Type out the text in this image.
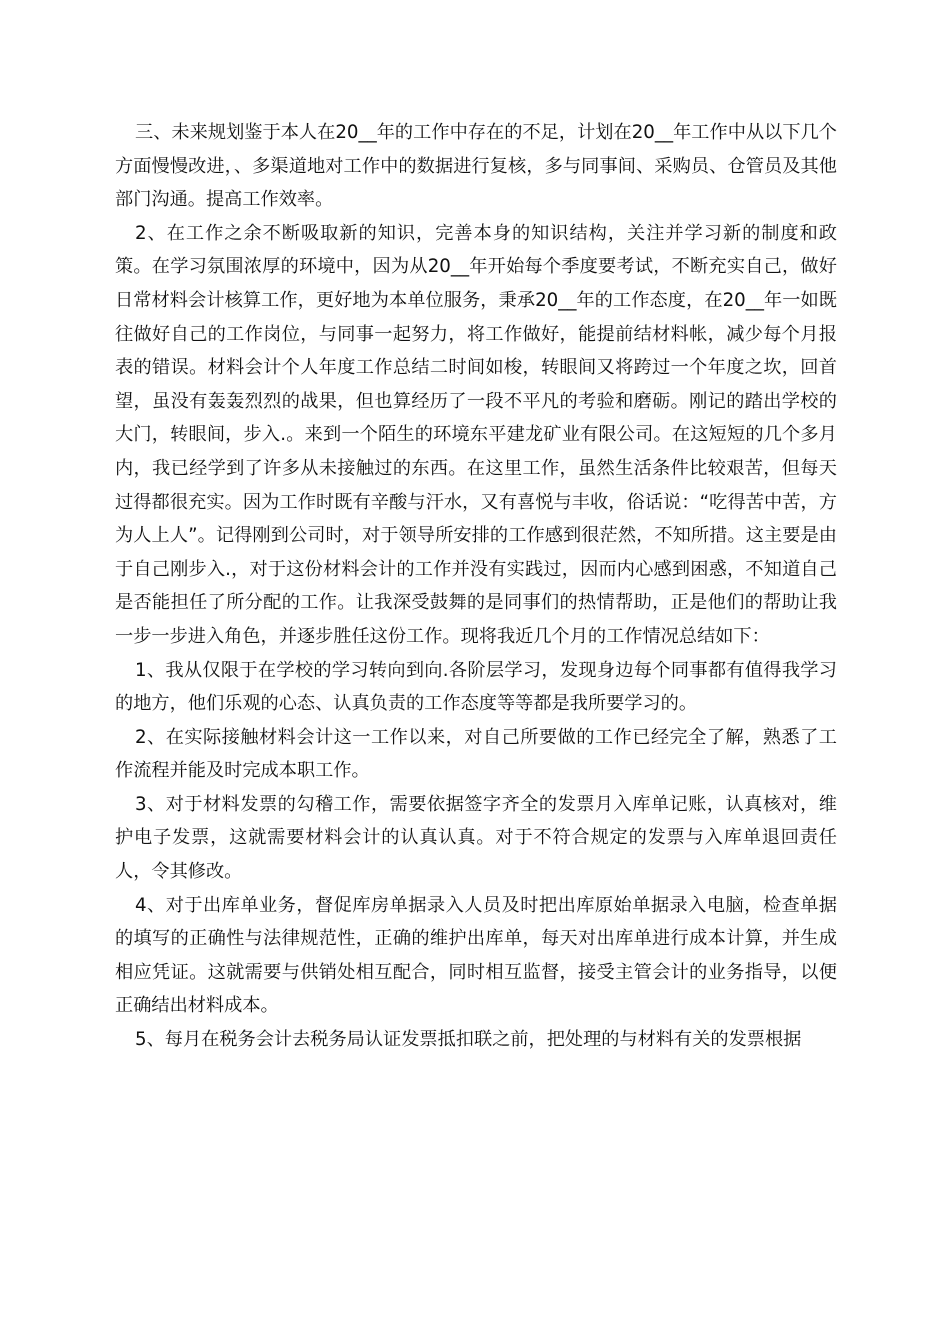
三、未来规划鉴于本人在20__年的工作中存在的不足，计划在20__年工作中从以下几个方面慢慢改进，、多渠道地对工作中的数据进行复核，多与同事间、采购员、仓管员及其他部门沟通。提高工作效率。

2、在工作之余不断吸取新的知识，完善本身的知识结构，关注并学习新的制度和政策。在学习氛围浓厚的环境中，因为从20__年开始每个季度要考试，不断充实自己，做好日常材料会计核算工作，更好地为本单位服务，秉承20__年的工作态度，在20__年一如既往做好自己的工作岗位，与同事一起努力，将工作做好，能提前结材料帐，减少每个月报表的错误。材料会计个人年度工作总结二时间如梭，转眼间又将跨过一个年度之坎，回首望，虽没有轰轰烈烈的战果，但也算经历了一段不平凡的考验和磨砺。刚记的踏出学校的大门，转眼间，步入.。来到一个陌生的环境东平建龙矿业有限公司。在这短短的几个多月内，我已经学到了许多从未接触过的东西。在这里工作，虽然生活条件比较艰苦，但每天过得都很充实。因为工作时既有辛酸与汗水，又有喜悦与丰收，俗话说：“吃得苦中苦，方为人上人”。记得刚到公司时，对于领导所安排的工作感到很茫然，不知所措。这主要是由于自己刚步入.，对于这份材料会计的工作并没有实践过，因而内心感到困惑，不知道自己是否能担任了所分配的工作。让我深受鼓舞的是同事们的热情帮助，正是他们的帮助让我一步一步进入角色，并逐步胜任这份工作。现将我近几个月的工作情况总结如下：

1、我从仅限于在学校的学习转向到向.各阶层学习，发现身边每个同事都有值得我学习的地方，他们乐观的心态、认真负责的工作态度等等都是我所要学习的。

2、在实际接触材料会计这一工作以来，对自己所要做的工作已经完全了解，熟悉了工作流程并能及时完成本职工作。

3、对于材料发票的勾稽工作，需要依据签字齐全的发票月入库单记账，认真核对，维护电子发票，这就需要材料会计的认真认真。对于不符合规定的发票与入库单退回责任人，令其修改。

4、对于出库单业务，督促库房单据录入人员及时把出库原始单据录入电脑，检查单据的填写的正确性与法律规范性，正确的维护出库单，每天对出库单进行成本计算，并生成相应凭证。这就需要与供销处相互配合，同时相互监督，接受主管会计的业务指导，以便正确结出材料成本。

5、每月在税务会计去税务局认证发票抵扣联之前，把处理的与材料有关的发票根据
